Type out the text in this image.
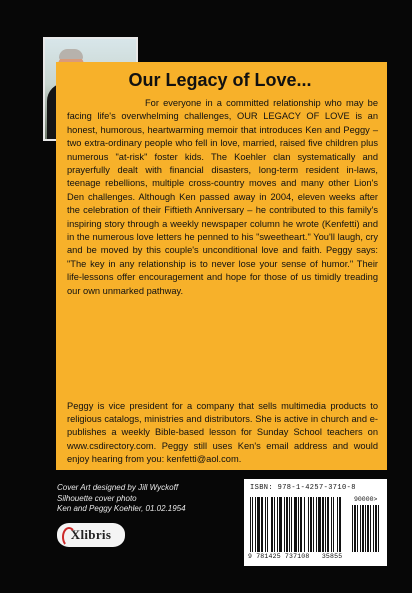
Our Legacy of Love...

For everyone in a committed relationship who may be facing life's overwhelming challenges, OUR LEGACY OF LOVE is an honest, humorous, heartwarming memoir that introduces Ken and Peggy – two extra-ordinary people who fell in love, married, raised five children plus numerous "at-risk" foster kids. The Koehler clan systematically and prayerfully dealt with financial disasters, long-term resident in-laws, teenage rebellions, multiple cross-country moves and many other Lion's Den challenges. Although Ken passed away in 2004, eleven weeks after the celebration of their Fiftieth Anniversary – he contributed to this family's inspiring story through a weekly newspaper column he wrote (Kenfetti) and in the numerous love letters he penned to his "sweetheart." You'll laugh, cry and be moved by this couple's unconditional love and faith. Peggy says: "The key in any relationship is to never lose your sense of humor." Their life-lessons offer encouragement and hope for those of us timidly treading our own unmarked pathway.

Peggy is vice president for a company that sells multimedia products to religious catalogs, ministries and distributors. She is active in church and e-publishes a weekly Bible-based lesson for Sunday School teachers on www.csdirectory.com. Peggy still uses Ken's email address and would enjoy hearing from you: kenfetti@aol.com.

Cover Art designed by Jill Wyckoff
Silhouette cover photo
Ken and Peggy Koehler, 01.02.1954
Xlibris
ISBN: 978-1-4257-3710-8
90000>
9 781425 737108 35855
